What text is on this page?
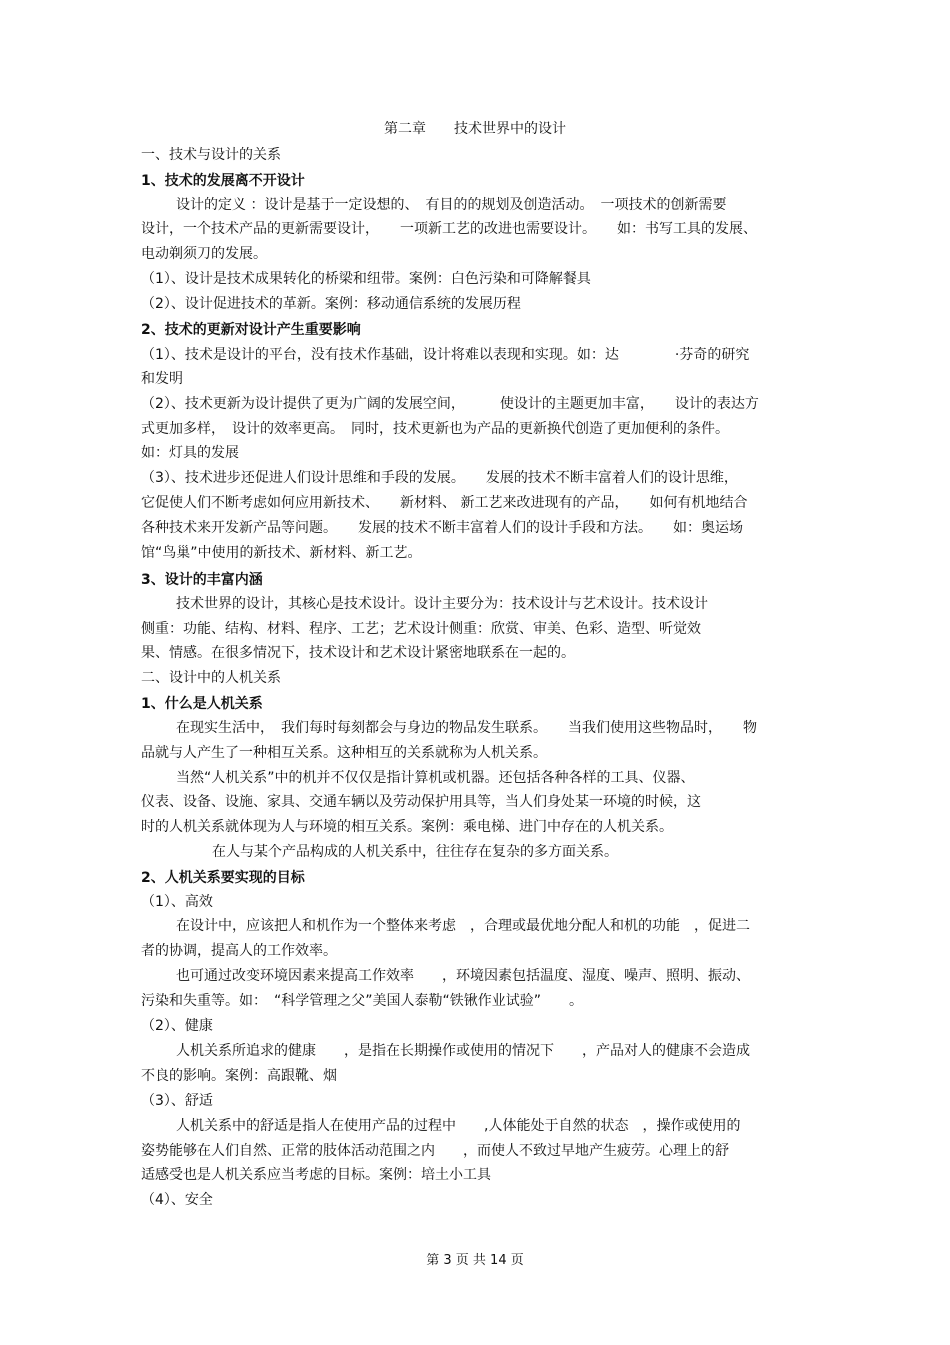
第二章　　技术世界中的设计
一、技术与设计的关系
1、技术的发展离不开设计
设计的定义 ：设计是基于一定设想的、　有目的的规划及创造活动。　一项技术的创新需要
设计，一个技术产品的更新需要设计，　　一项新工艺的改进也需要设计。　　如：书写工具的发展、
电动剃须刀的发展。
（1）、设计是技术成果转化的桥梁和纽带。案例：白色污染和可降解餐具
（2）、设计促进技术的革新。案例：移动通信系统的发展历程
2、技术的更新对设计产生重要影响
（1）、技术是设计的平台，没有技术作基础，设计将难以表现和实现。如：达　　　　·芬奇的研究
和发明
（2）、技术更新为设计提供了更为广阔的发展空间，　　　使设计的主题更加丰富，　　设计的表达方
式更加多样，　设计的效率更高。　同时，技术更新也为产品的更新换代创造了更加便利的条件。
如：灯具的发展
（3）、技术进步还促进人们设计思维和手段的发展。　　发展的技术不断丰富着人们的设计思维，
它促使人们不断考虑如何应用新技术、　　新材料、 新工艺来改进现有的产品，　　如何有机地结合
各种技术来开发新产品等问题。　　发展的技术不断丰富着人们的设计手段和方法。　　如：奥运场
馆“鸟巢”中使用的新技术、新材料、新工艺。
3、设计的丰富内涵
技术世界的设计，其核心是技术设计。设计主要分为：技术设计与艺术设计。技术设计
侧重：功能、结构、材料、程序、工艺；艺术设计侧重：欣赏、审美、色彩、造型、听觉效
果、情感。在很多情况下，技术设计和艺术设计紧密地联系在一起的。
二、设计中的人机关系
1、什么是人机关系
在现实生活中，　我们每时每刻都会与身边的物品发生联系。　　当我们使用这些物品时，　　物
品就与人产生了一种相互关系。这种相互的关系就称为人机关系。
当然“人机关系”中的机并不仅仅是指计算机或机器。还包括各种各样的工具、仪器、
仪表、设备、设施、家具、交通车辆以及劳动保护用具等，当人们身处某一环境的时候，这
时的人机关系就体现为人与环境的相互关系。案例：乘电梯、进门中存在的人机关系。
在人与某个产品构成的人机关系中，往往存在复杂的多方面关系。
2、人机关系要实现的目标
（1）、高效
在设计中，应该把人和机作为一个整体来考虑　，合理或最优地分配人和机的功能　，促进二
者的协调，提高人的工作效率。
也可通过改变环境因素来提高工作效率　　，环境因素包括温度、湿度、噪声、照明、振动、
污染和失重等。如：　“科学管理之父”美国人泰勒“铁锹作业试验”　　。
（2）、健康
人机关系所追求的健康　　，是指在长期操作或使用的情况下　　，产品对人的健康不会造成
不良的影响。案例：高跟靴、烟
（3）、舒适
人机关系中的舒适是指人在使用产品的过程中　　,人体能处于自然的状态　，操作或使用的
姿势能够在人们自然、正常的肢体活动范围之内　　，而使人不致过早地产生疲劳。心理上的舒
适感受也是人机关系应当考虑的目标。案例：培土小工具
（4）、安全
第 3 页 共 14 页
